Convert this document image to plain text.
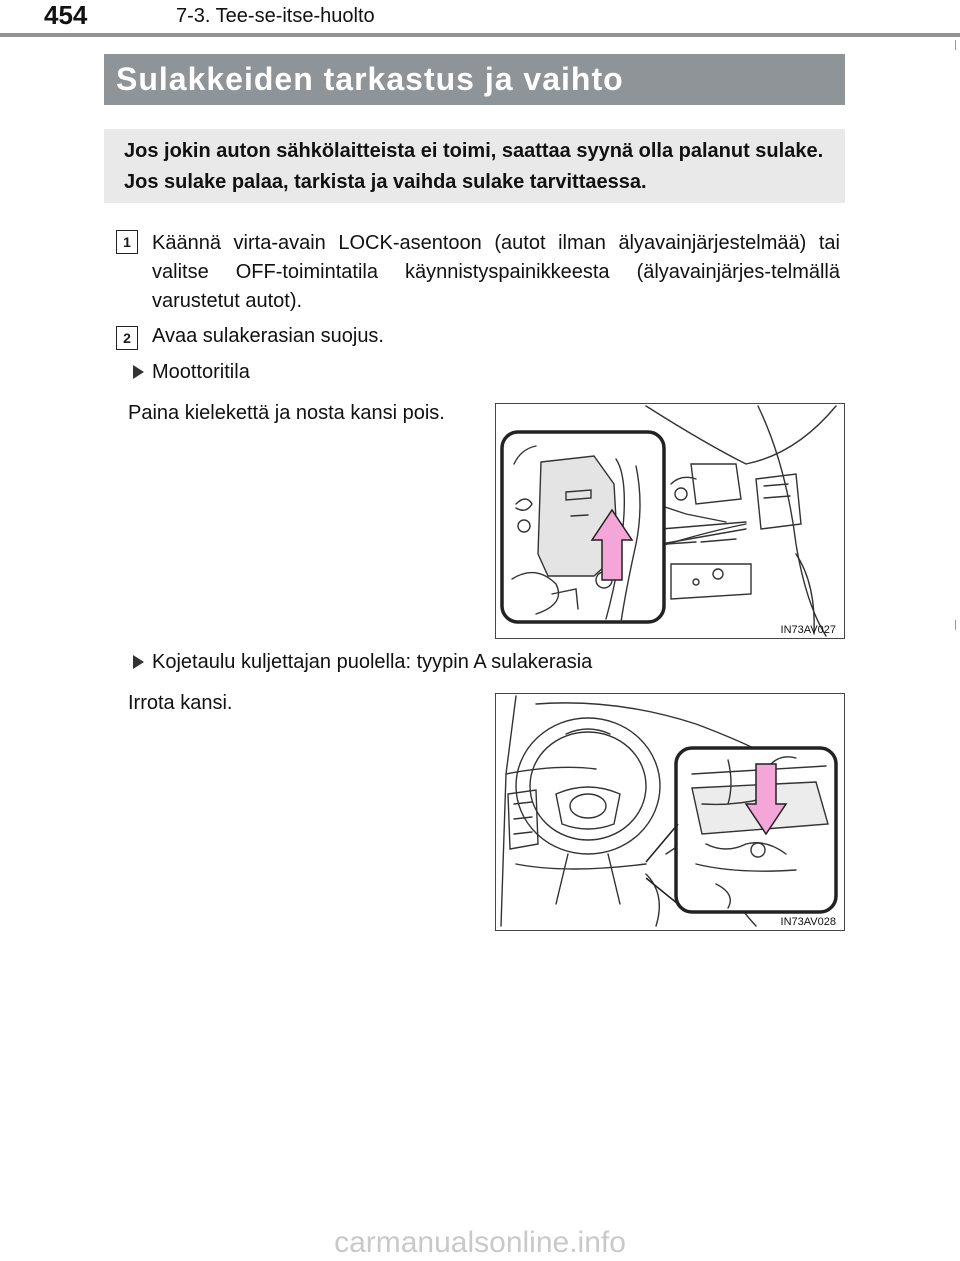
454	7-3. Tee-se-itse-huolto
Sulakkeiden tarkastus ja vaihto
Jos jokin auton sähkölaitteista ei toimi, saattaa syynä olla palanut sulake. Jos sulake palaa, tarkista ja vaihda sulake tarvittaessa.
1	Käännä virta-avain LOCK-asentoon (autot ilman älyavainjärjestelmää) tai valitse OFF-toimintatila käynnistyspainikkeesta (älyavainjärjes-telmällä varustetut autot).
2	Avaa sulakerasian suojus.
Moottoritila
Paina kielekettä ja nosta kansi pois.
IN73AV027
Kojetaulu kuljettajan puolella: tyypin A sulakerasia
Irrota kansi.
IN73AV028
carmanualsonline.info
